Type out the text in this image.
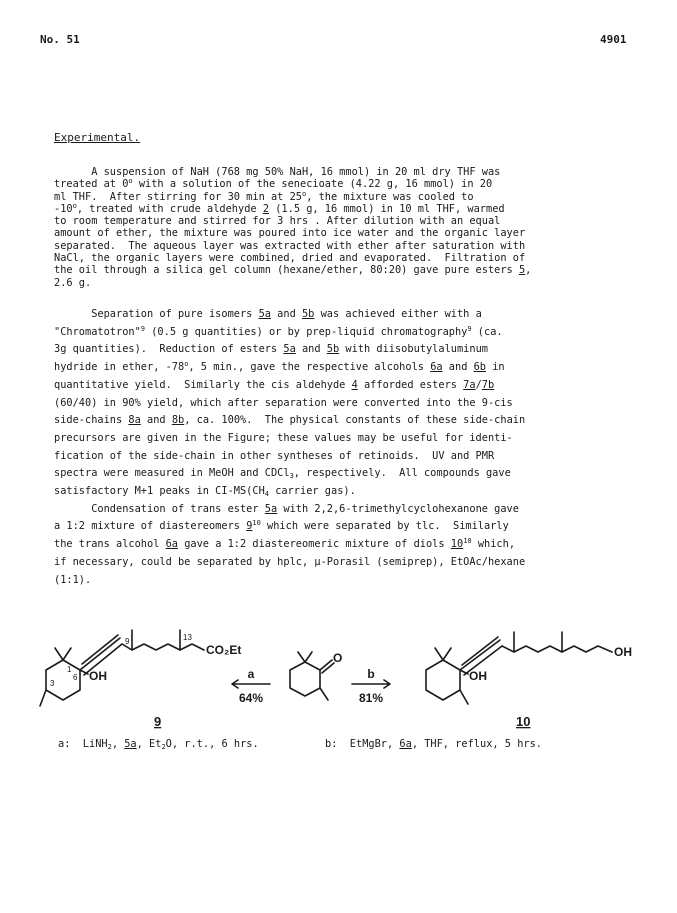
No. 51	4901
Experimental.
A suspension of NaH (768 mg 50% NaH, 16 mmol) in 20 ml dry THF was
treated at 0$^o$ with a solution of the senecioate (4.22 g, 16 mmol) in 20
ml THF.  After stirring for 30 min at 25$^o$, the mixture was cooled to
-10$^o$, treated with crude aldehyde 2 (1.5 g, 16 mmol) in 10 ml THF, warmed
to room temperature and stirred for 3 hrs . After dilution with an equal
amount of ether, the mixture was poured into ice water and the organic layer
separated.  The aqueous layer was extracted with ether after saturation with
NaCl, the organic layers were combined, dried and evaporated.  Filtration of
the oil through a silica gel column (hexane/ether, 80:20) gave pure esters 5,
2.6 g.
Separation of pure isomers 5a and 5b was achieved either with a
"Chromatotron"$^9$ (0.5 g quantities) or by prep-liquid chromatography$^9$ (ca.
3g quantities).  Reduction of esters 5a and 5b with diisobutylaluminum
hydride in ether, -78$^o$, 5 min., gave the respective alcohols 6a and 6b in
quantitative yield.  Similarly the cis aldehyde 4 afforded esters 7a/7b
(60/40) in 90% yield, which after separation were converted into the 9-cis
side-chains 8a and 8b, ca. 100%.  The physical constants of these side-chain
precursors are given in the Figure; these values may be useful for identi-
fication of the side-chain in other syntheses of retinoids.  UV and PMR
spectra were measured in MeOH and CDCl$_3$, respectively.  All compounds gave
satisfactory M+1 peaks in $CI-MS(CH_4$ carrier gas).
Condensation of trans ester 5a with 2,2,6-trimethylcyclohexanone gave
a 1:2 mixture of diastereomers $9^{10}$ which were separated by tlc.  Similarly
the trans alcohol 6a gave a 1:2 diastereomeric mixture of diols $10^{10}$ which,
if necessary, could be separated by hplc, µ-Porasil (semiprep), EtOAc/hexane
(1:1).
9	13
1
6
3
CO₂Et
OH
O
OH
OH
a
64%
b
81%
9	10
a:  LiNH$_2$, 5a, $Et_2O$, r.t., 6 hrs.	b:  EtMgBr, 6a, THF, reflux, 5 hrs.
